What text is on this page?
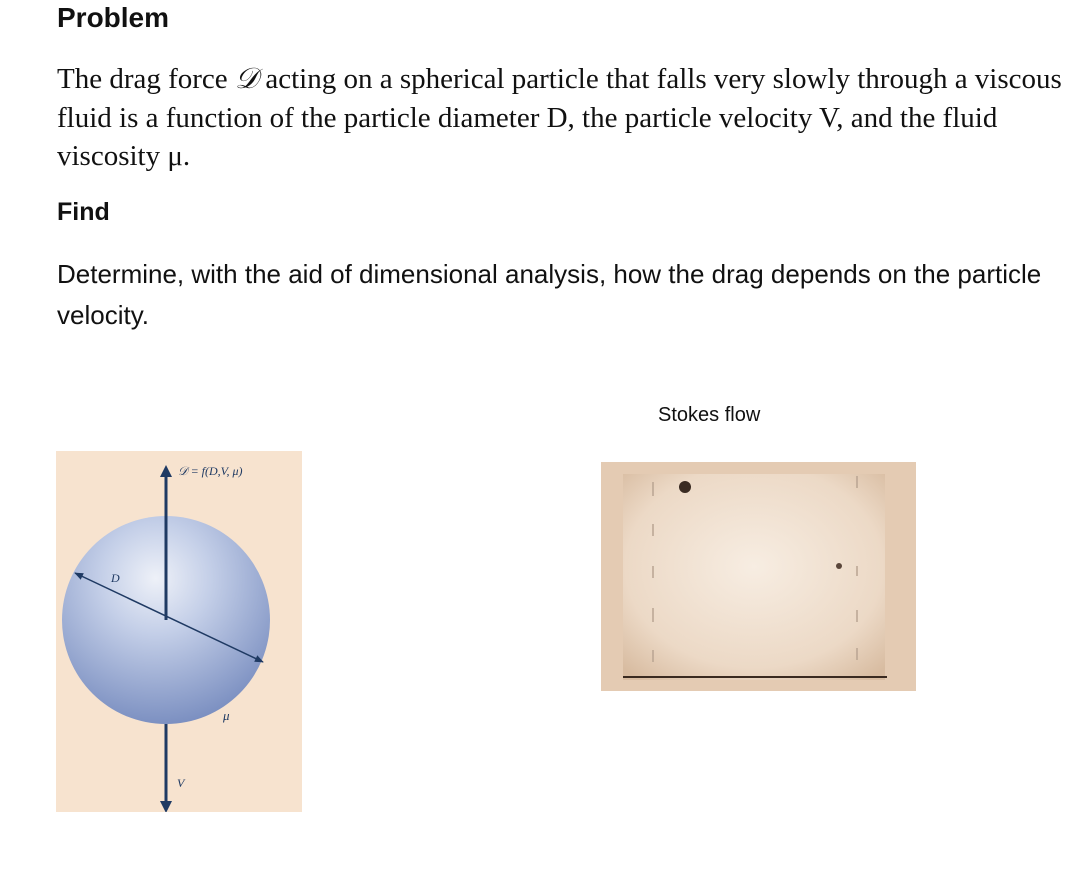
Problem

The drag force 𝒟 acting on a spherical particle that falls very slowly through a viscous fluid is a function of the particle diameter D, the particle velocity V, and the fluid viscosity μ.

Find

Determine, with the aid of dimensional analysis, how the drag depends on the particle velocity.

𝒟 = f(D,V, μ)
D
μ
V

Stokes flow
